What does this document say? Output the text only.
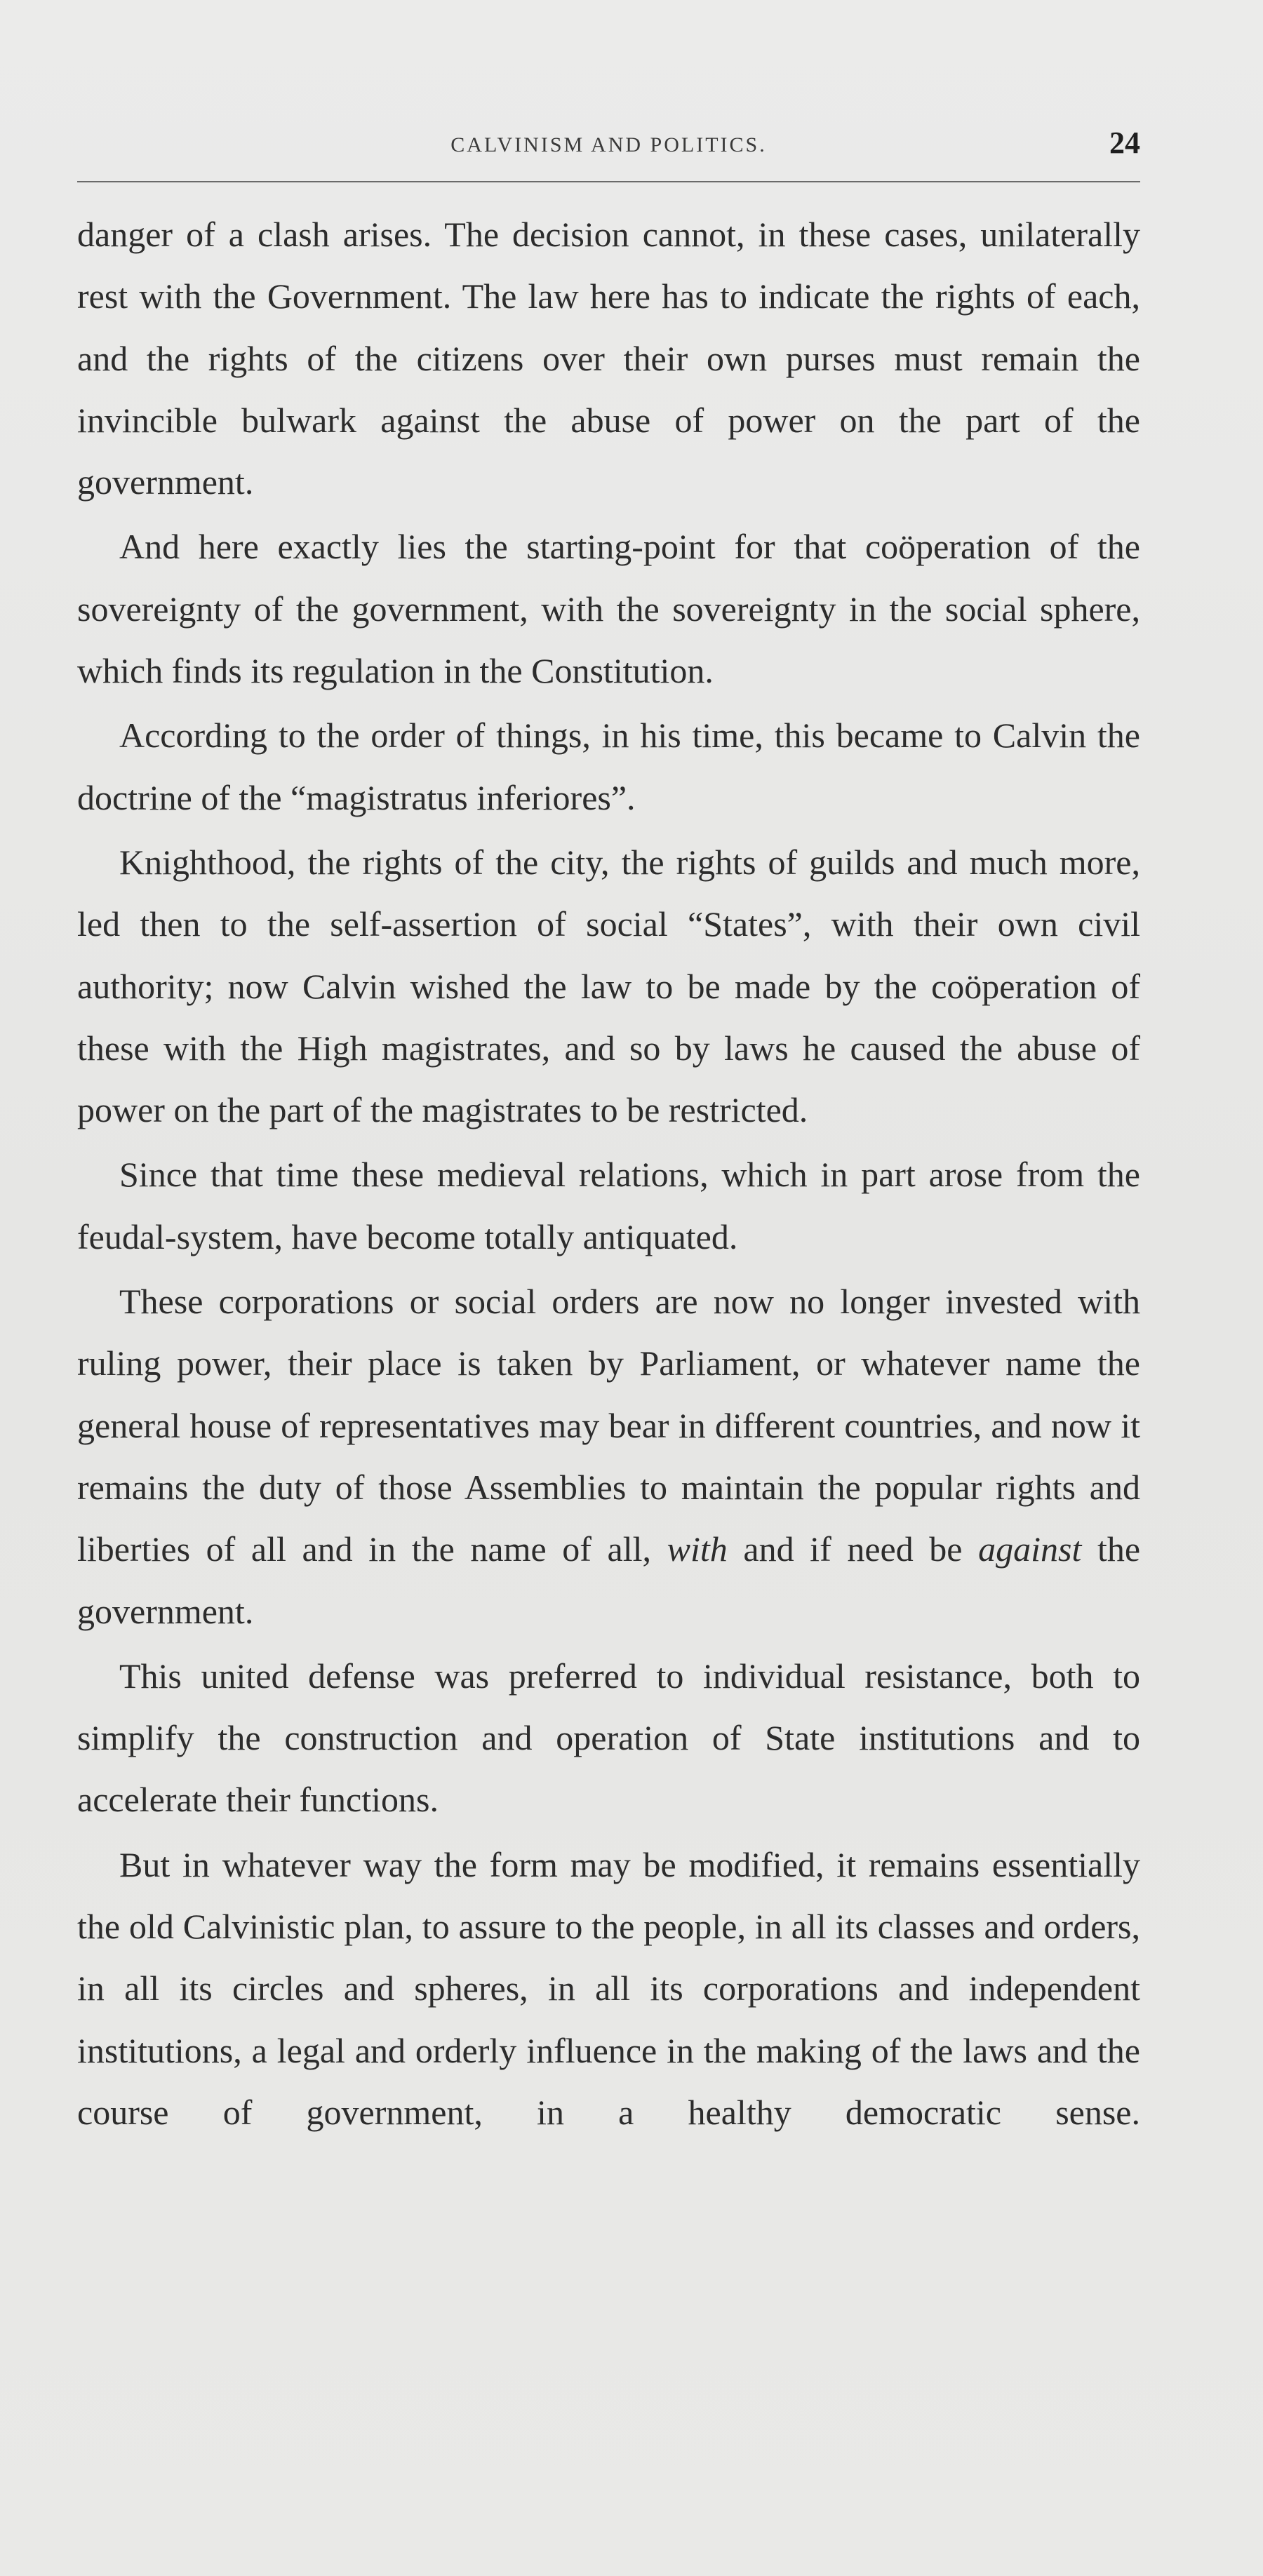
CALVINISM AND POLITICS.	24

danger of a clash arises. The decision cannot, in these cases, unilaterally rest with the Government. The law here has to indicate the rights of each, and the rights of the citizens over their own purses must remain the invincible bulwark against the abuse of power on the part of the government.

And here exactly lies the starting-point for that coöperation of the sovereignty of the government, with the sovereignty in the social sphere, which finds its regulation in the Constitution.

According to the order of things, in his time, this became to Calvin the doctrine of the “magistratus inferiores”.

Knighthood, the rights of the city, the rights of guilds and much more, led then to the self-assertion of social “States”, with their own civil authority; now Calvin wished the law to be made by the coöperation of these with the High magistrates, and so by laws he caused the abuse of power on the part of the magistrates to be restricted.

Since that time these medieval relations, which in part arose from the feudal-system, have become totally antiquated.

These corporations or social orders are now no longer invested with ruling power, their place is taken by Parliament, or whatever name the general house of representatives may bear in different countries, and now it remains the duty of those Assemblies to maintain the popular rights and liberties of all and in the name of all, with and if need be against the government.

This united defense was preferred to individual resistance, both to simplify the construction and operation of State institutions and to accelerate their functions.

But in whatever way the form may be modified, it remains essentially the old Calvinistic plan, to assure to the people, in all its classes and orders, in all its circles and spheres, in all its corporations and independent institutions, a legal and orderly influence in the making of the laws and the course of government, in a healthy democratic sense.
